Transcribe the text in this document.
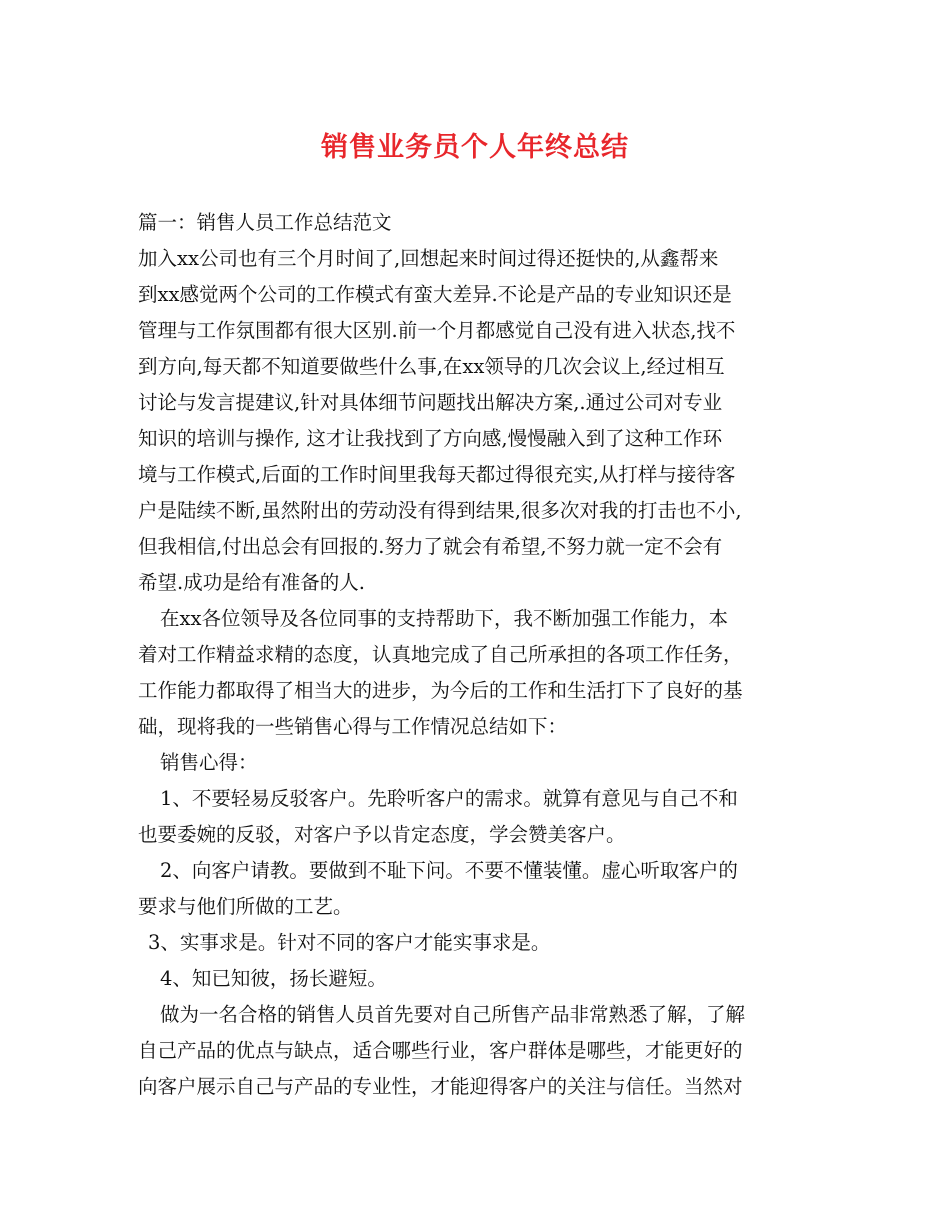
销售业务员个人年终总结
篇一：销售人员工作总结范文
加入xx公司也有三个月时间了,回想起来时间过得还挺快的,从鑫帮来
到xx感觉两个公司的工作模式有蛮大差异.不论是产品的专业知识还是
管理与工作氛围都有很大区别.前一个月都感觉自己没有进入状态,找不
到方向,每天都不知道要做些什么事,在xx领导的几次会议上,经过相互
讨论与发言提建议,针对具体细节问题找出解决方案,.通过公司对专业
知识的培训与操作, 这才让我找到了方向感,慢慢融入到了这种工作环
境与工作模式,后面的工作时间里我每天都过得很充实,从打样与接待客
户是陆续不断,虽然附出的劳动没有得到结果,很多次对我的打击也不小,
但我相信,付出总会有回报的.努力了就会有希望,不努力就一定不会有
希望.成功是给有准备的人.
在xx各位领导及各位同事的支持帮助下，我不断加强工作能力，本
着对工作精益求精的态度，认真地完成了自己所承担的各项工作任务，
工作能力都取得了相当大的进步，为今后的工作和生活打下了良好的基
础，现将我的一些销售心得与工作情况总结如下：
销售心得：
1、不要轻易反驳客户。先聆听客户的需求。就算有意见与自己不和
也要委婉的反驳，对客户予以肯定态度，学会赞美客户。
2、向客户请教。要做到不耻下问。不要不懂装懂。虚心听取客户的
要求与他们所做的工艺。
3、实事求是。针对不同的客户才能实事求是。
4、知已知彼，扬长避短。
做为一名合格的销售人员首先要对自己所售产品非常熟悉了解，了解
自己产品的优点与缺点，适合哪些行业，客户群体是哪些，才能更好的
向客户展示自己与产品的专业性，才能迎得客户的关注与信任。当然对
